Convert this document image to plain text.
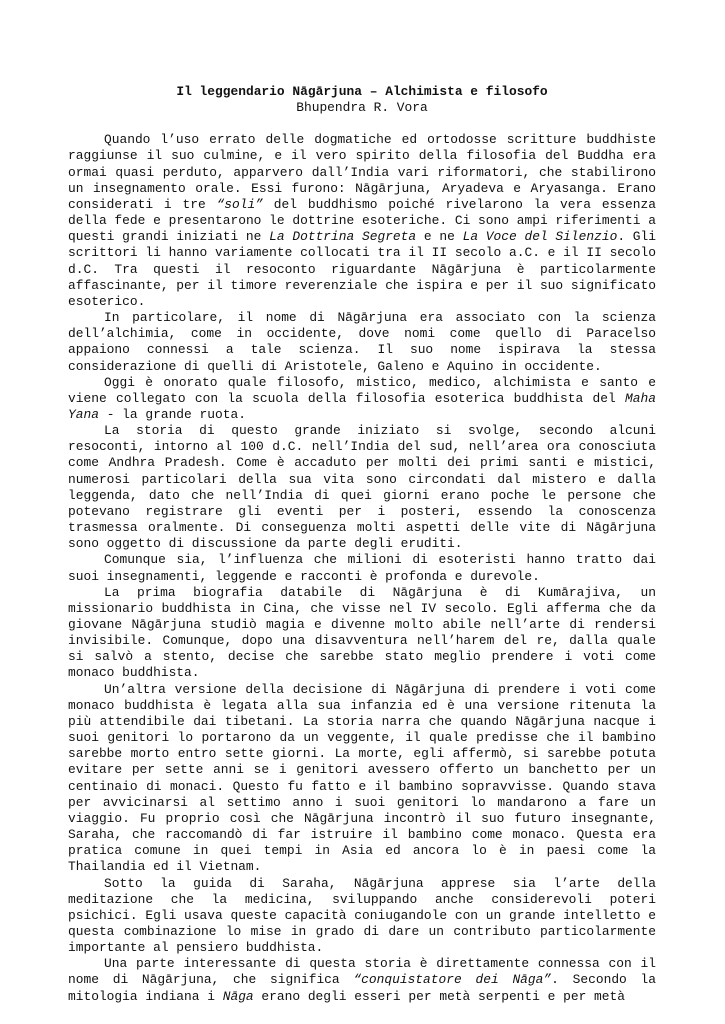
Il leggendario Nāgārjuna – Alchimista e filosofo

Bhupendra R. Vora

Quando l’uso errato delle dogmatiche ed ortodosse scritture buddhiste raggiunse il suo culmine, e il vero spirito della filosofia del Buddha era ormai quasi perduto, apparvero dall’India vari riformatori, che stabilirono un insegnamento orale. Essi furono: Nāgārjuna, Aryadeva e Aryasanga. Erano considerati i tre “soli” del buddhismo poiché rivelarono la vera essenza della fede e presentarono le dottrine esoteriche. Ci sono ampi riferimenti a questi grandi iniziati ne La Dottrina Segreta e ne La Voce del Silenzio. Gli scrittori li hanno variamente collocati tra il II secolo a.C. e il II secolo d.C. Tra questi il resoconto riguardante Nāgārjuna è particolarmente affascinante, per il timore reverenziale che ispira e per il suo significato esoterico.

In particolare, il nome di Nāgārjuna era associato con la scienza dell’alchimia, come in occidente, dove nomi come quello di Paracelso appaiono connessi a tale scienza. Il suo nome ispirava la stessa considerazione di quelli di Aristotele, Galeno e Aquino in occidente.

Oggi è onorato quale filosofo, mistico, medico, alchimista e santo e viene collegato con la scuola della filosofia esoterica buddhista del Maha Yana - la grande ruota.

La storia di questo grande iniziato si svolge, secondo alcuni resoconti, intorno al 100 d.C. nell’India del sud, nell’area ora conosciuta come Andhra Pradesh. Come è accaduto per molti dei primi santi e mistici, numerosi particolari della sua vita sono circondati dal mistero e dalla leggenda, dato che nell’India di quei giorni erano poche le persone che potevano registrare gli eventi per i posteri, essendo la conoscenza trasmessa oralmente. Di conseguenza molti aspetti delle vite di Nāgārjuna sono oggetto di discussione da parte degli eruditi.

Comunque sia, l’influenza che milioni di esoteristi hanno tratto dai suoi insegnamenti, leggende e racconti è profonda e durevole.

La prima biografia databile di Nāgārjuna è di Kumārajiva, un missionario buddhista in Cina, che visse nel IV secolo. Egli afferma che da giovane Nāgārjuna studiò magia e divenne molto abile nell’arte di rendersi invisibile. Comunque, dopo una disavventura nell’harem del re, dalla quale si salvò a stento, decise che sarebbe stato meglio prendere i voti come monaco buddhista.

Un’altra versione della decisione di Nāgārjuna di prendere i voti come monaco buddhista è legata alla sua infanzia ed è una versione ritenuta la più attendibile dai tibetani. La storia narra che quando Nāgārjuna nacque i suoi genitori lo portarono da un veggente, il quale predisse che il bambino sarebbe morto entro sette giorni. La morte, egli affermò, si sarebbe potuta evitare per sette anni se i genitori avessero offerto un banchetto per un centinaio di monaci. Questo fu fatto e il bambino sopravvisse. Quando stava per avvicinarsi al settimo anno i suoi genitori lo mandarono a fare un viaggio. Fu proprio così che Nāgārjuna incontrò il suo futuro insegnante, Saraha, che raccomandò di far istruire il bambino come monaco. Questa era pratica comune in quei tempi in Asia ed ancora lo è in paesi come la Thailandia ed il Vietnam.

Sotto la guida di Saraha, Nāgārjuna apprese sia l’arte della meditazione che la medicina, sviluppando anche considerevoli poteri psichici. Egli usava queste capacità coniugandole con un grande intelletto e questa combinazione lo mise in grado di dare un contributo particolarmente importante al pensiero buddhista.

Una parte interessante di questa storia è direttamente connessa con il nome di Nāgārjuna, che significa “conquistatore dei Nāga”. Secondo la mitologia indiana i Nāga erano degli esseri per metà serpenti e per metà
